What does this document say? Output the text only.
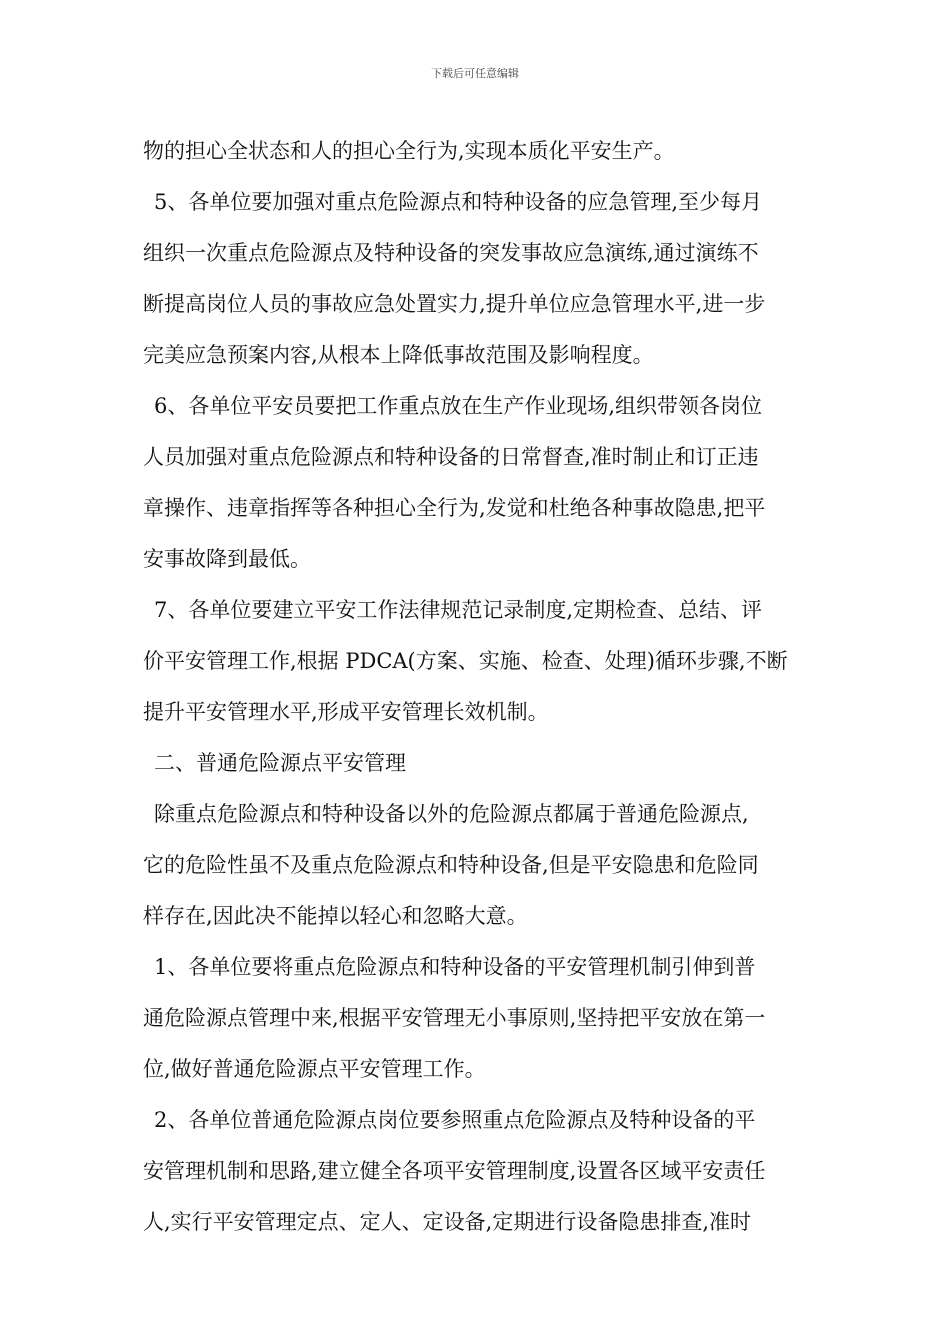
下载后可任意编辑
物的担心全状态和人的担心全行为,实现本质化平安生产。
5、各单位要加强对重点危险源点和特种设备的应急管理,至少每月
组织一次重点危险源点及特种设备的突发事故应急演练,通过演练不
断提高岗位人员的事故应急处置实力,提升单位应急管理水平,进一步
完美应急预案内容,从根本上降低事故范围及影响程度。
6、各单位平安员要把工作重点放在生产作业现场,组织带领各岗位
人员加强对重点危险源点和特种设备的日常督查,准时制止和订正违
章操作、违章指挥等各种担心全行为,发觉和杜绝各种事故隐患,把平
安事故降到最低。
7、各单位要建立平安工作法律规范记录制度,定期检查、总结、评
价平安管理工作,根据 PDCA(方案、实施、检查、处理)循环步骤,不断
提升平安管理水平,形成平安管理长效机制。
二、普通危险源点平安管理
除重点危险源点和特种设备以外的危险源点都属于普通危险源点,
它的危险性虽不及重点危险源点和特种设备,但是平安隐患和危险同
样存在,因此决不能掉以轻心和忽略大意。
1、各单位要将重点危险源点和特种设备的平安管理机制引伸到普
通危险源点管理中来,根据平安管理无小事原则,坚持把平安放在第一
位,做好普通危险源点平安管理工作。
2、各单位普通危险源点岗位要参照重点危险源点及特种设备的平
安管理机制和思路,建立健全各项平安管理制度,设置各区域平安责任
人,实行平安管理定点、定人、定设备,定期进行设备隐患排查,准时
